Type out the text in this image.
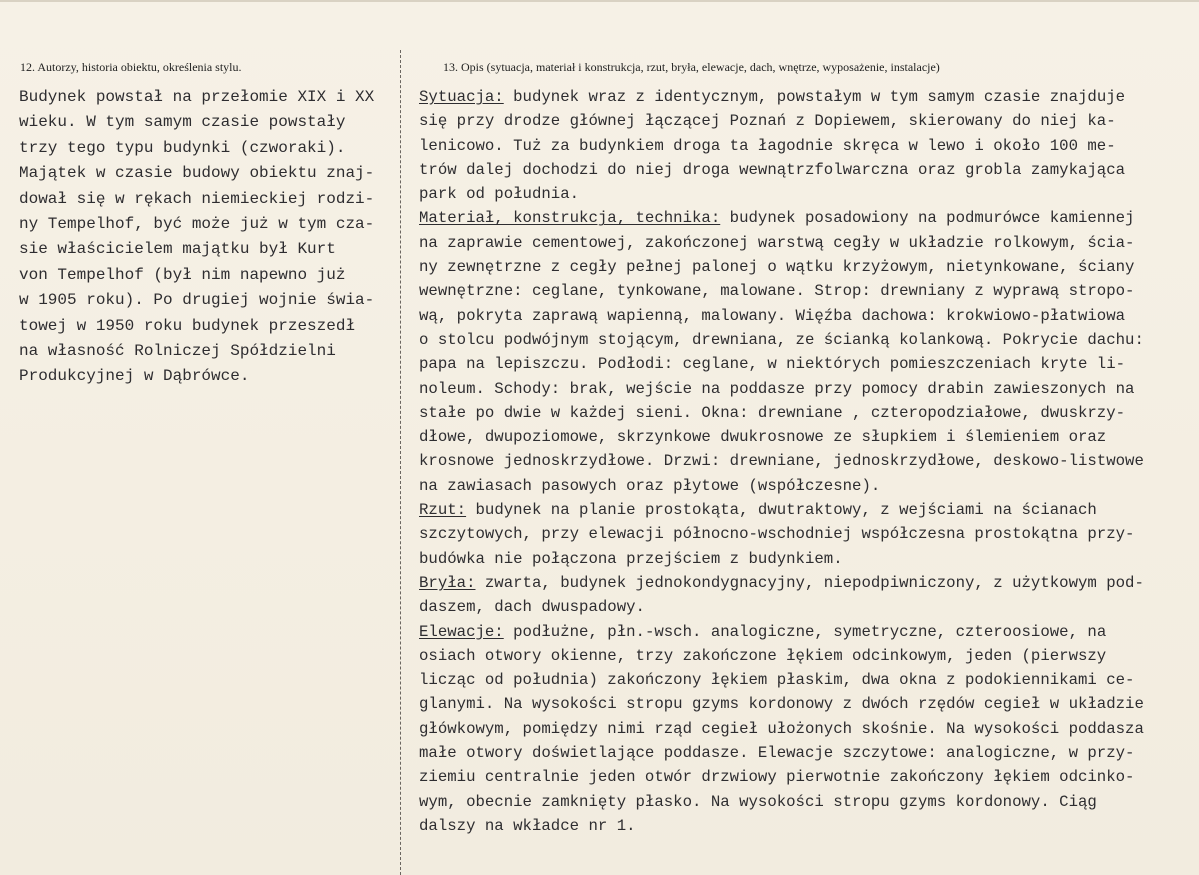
12. Autorzy, historia obiektu, określenia stylu.	13. Opis (sytuacja, materiał i konstrukcja, rzut, bryła, elewacje, dach, wnętrze, wyposażenie, instalacje)
Budynek powstał na przełomie XIX i XX
wieku. W tym samym czasie powstały
trzy tego typu budynki (czworaki).
Majątek w czasie budowy obiektu znaj-
dował się w rękach niemieckiej rodzi-
ny Tempelhof, być może już w tym cza-
sie właścicielem majątku był Kurt
von Tempelhof (był nim napewno już
w 1905 roku). Po drugiej wojnie świa-
towej w 1950 roku budynek przeszedł
na własność Rolniczej Spółdzielni
Produkcyjnej w Dąbrówce.
Sytuacja: budynek wraz z identycznym, powstałym w tym samym czasie znajduje
się przy drodze głównej łączącej Poznań z Dopiewem, skierowany do niej ka-
lenicowo. Tuż za budynkiem droga ta łagodnie skręca w lewo i około 100 me-
trów dalej dochodzi do niej droga wewnątrzfolwarczna oraz grobla zamykająca
park od południa.
Materiał, konstrukcja, technika: budynek posadowiony na podmurówce kamiennej
na zaprawie cementowej, zakończonej warstwą cegły w układzie rolkowym, ścia-
ny zewnętrzne z cegły pełnej palonej o wątku krzyżowym, nietynkowane, ściany
wewnętrzne: ceglane, tynkowane, malowane. Strop: drewniany z wyprawą stropo-
wą, pokryta zaprawą wapienną, malowany. Więźba dachowa: krokwiowo-płatwiowa
o stolcu podwójnym stojącym, drewniana, ze ścianką kolankową. Pokrycie dachu:
papa na lepiszczu. Podłodi: ceglane, w niektórych pomieszczeniach kryte li-
noleum. Schody: brak, wejście na poddasze przy pomocy drabin zawieszonych na
stałe po dwie w każdej sieni. Okna: drewniane , czteropodziałowe, dwuskrzy-
dłowe, dwupoziomowe, skrzynkowe dwukrosnowe ze słupkiem i ślemieniem oraz
krosnowe jednoskrzydłowe. Drzwi: drewniane, jednoskrzydłowe, deskowo-listwowe
na zawiasach pasowych oraz płytowe (współczesne).
Rzut: budynek na planie prostokąta, dwutraktowy, z wejściami na ścianach
szczytowych, przy elewacji północno-wschodniej współczesna prostokątna przy-
budówka nie połączona przejściem z budynkiem.
Bryła: zwarta, budynek jednokondygnacyjny, niepodpiwniczony, z użytkowym pod-
daszem, dach dwuspadowy.
Elewacje: podłużne, płn.-wsch. analogiczne, symetryczne, czteroosiowe, na
osiach otwory okienne, trzy zakończone łękiem odcinkowym, jeden (pierwszy
licząc od południa) zakończony łękiem płaskim, dwa okna z podokiennikami ce-
glanymi. Na wysokości stropu gzyms kordonowy z dwóch rzędów cegieł w układzie
główkowym, pomiędzy nimi rząd cegieł ułożonych skośnie. Na wysokości poddasza
małe otwory doświetlające poddasze. Elewacje szczytowe: analogiczne, w przy-
ziemiu centralnie jeden otwór drzwiowy pierwotnie zakończony łękiem odcinko-
wym, obecnie zamknięty płasko. Na wysokości stropu gzyms kordonowy. Ciąg
dalszy na wkładce nr 1.
